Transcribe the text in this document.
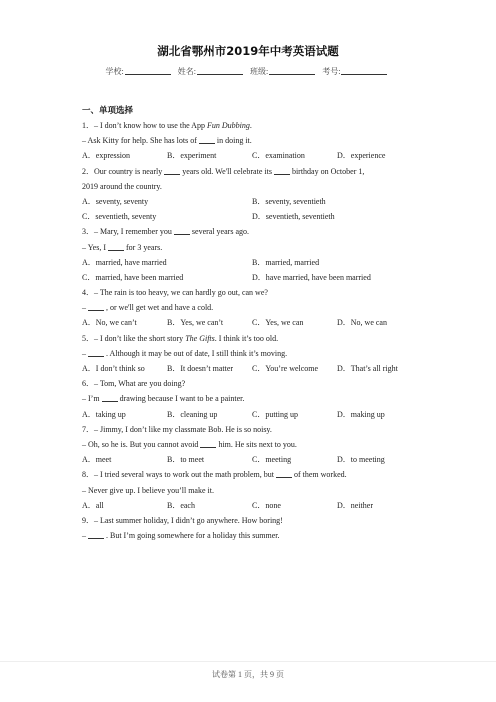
湖北省鄂州市2019年中考英语试题
学校:	姓名:	班级:	考号:
一、单项选择
1．– I don’t know how to use the App Fun Dubbing.
– Ask Kitty for help. She has lots of	in doing it.
A．expression	B．experiment	C．examination	D．experience
2．Our country is nearly	years old. We'll celebrate its	birthday on October 1,
2019 around the country.
A．seventy, seventy	B．seventy, seventieth
C．seventieth, seventy	D．seventieth, seventieth
3．– Mary, I remember you	several years ago.
– Yes, I	for 3 years.
A．married, have married	B．married, married
C．married, have been married	D．have married, have been married
4．– The rain is too heavy, we can hardly go out, can we?
–	, or we'll get wet and have a cold.
A．No, we can’t	B．Yes, we can’t	C．Yes, we can	D．No, we can
5．– I don’t like the short story The Gifts. I think it’s too old.
–	. Although it may be out of date, I still think it’s moving.
A．I don’t think so	B．It doesn’t matter	C．You’re welcome	D．That’s all right
6．– Tom, What are you doing?
– I’m	drawing because I want to be a painter.
A．taking up	B．cleaning up	C．putting up	D．making up
7．– Jimmy, I don’t like my classmate Bob. He is so noisy.
– Oh, so he is. But you cannot avoid	him. He sits next to you.
A．meet	B．to meet	C．meeting	D．to meeting
8．– I tried several ways to work out the math problem, but	of them worked.
– Never give up. I believe you’ll make it.
A．all	B．each	C．none	D．neither
9．– Last summer holiday, I didn’t go anywhere. How boring!
–	. But I’m going somewhere for a holiday this summer.
试卷第 1 页，共 9 页
